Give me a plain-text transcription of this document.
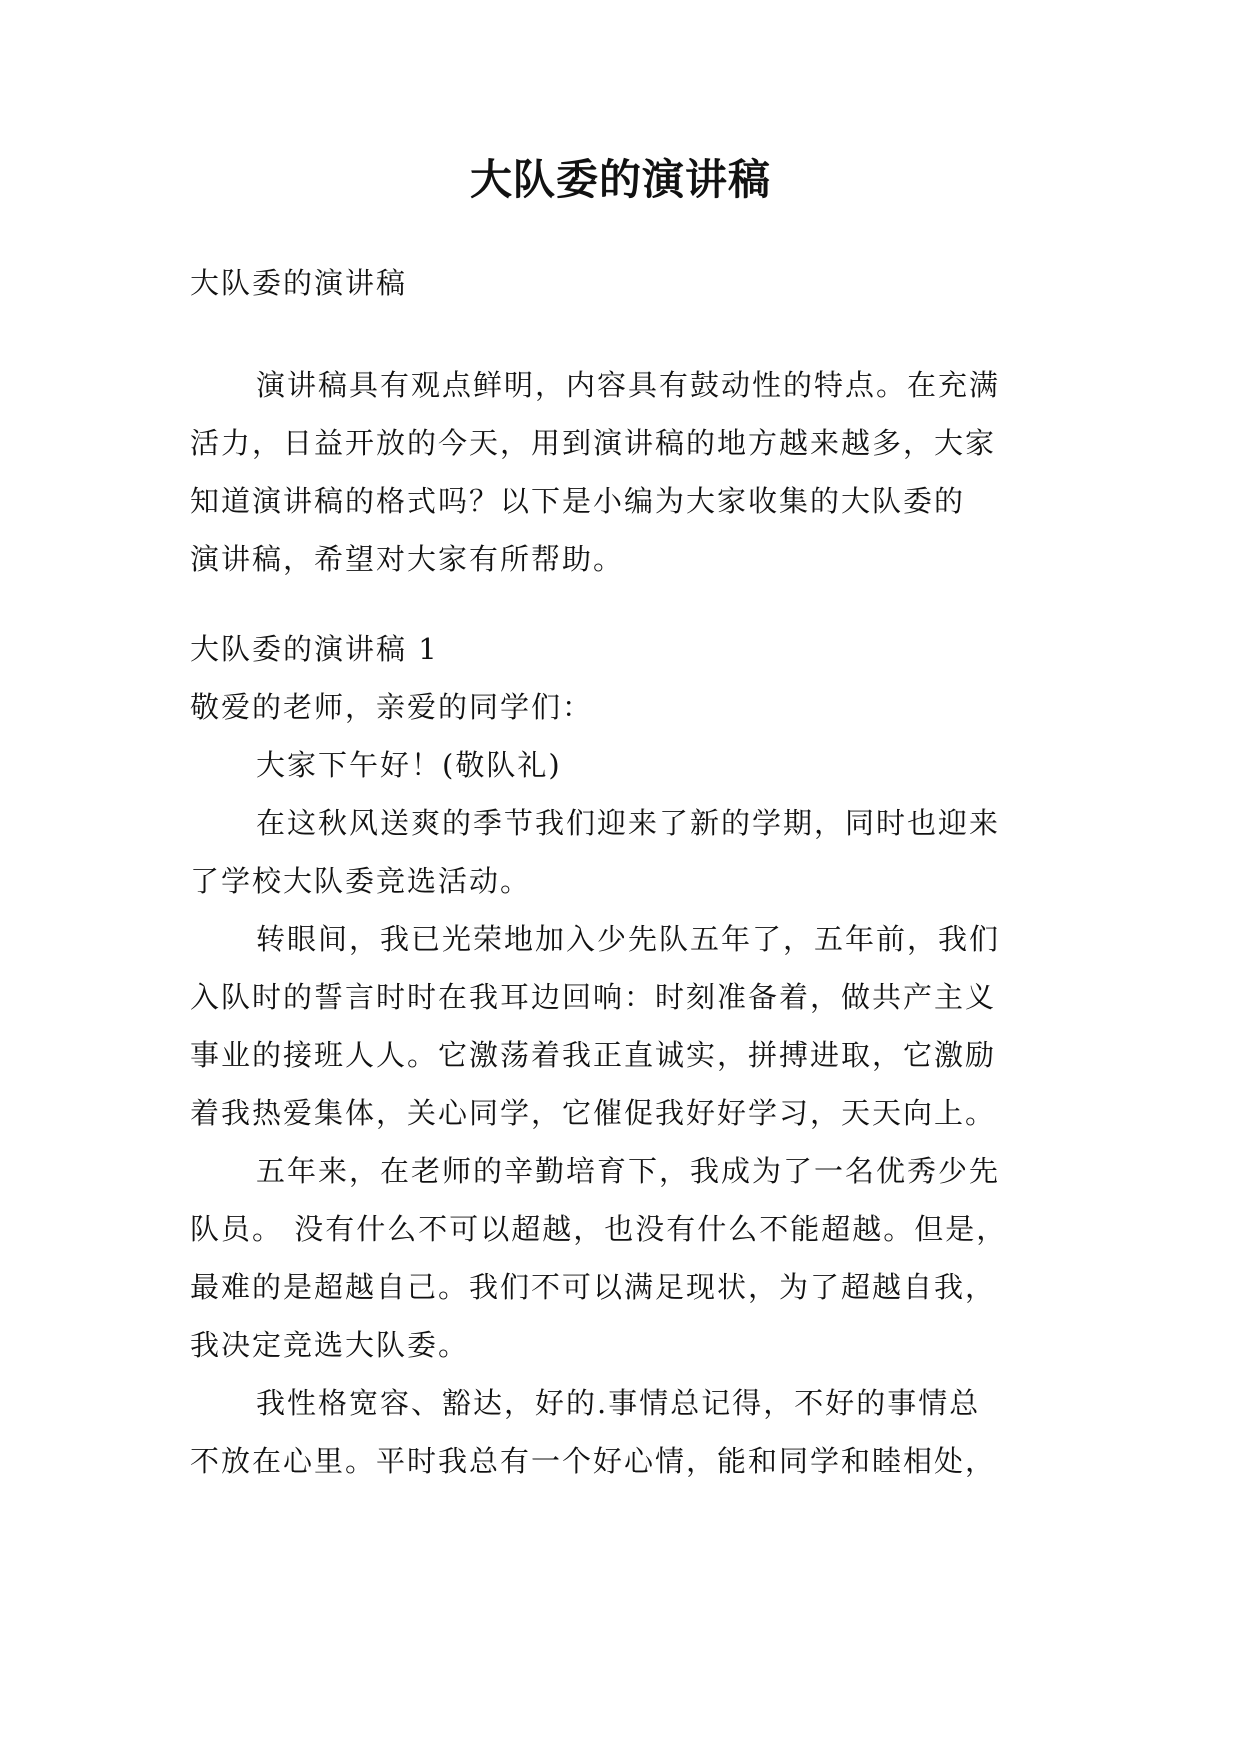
大队委的演讲稿
大队委的演讲稿
演讲稿具有观点鲜明，内容具有鼓动性的特点。在充满
活力，日益开放的今天，用到演讲稿的地方越来越多，大家
知道演讲稿的格式吗？以下是小编为大家收集的大队委的
演讲稿，希望对大家有所帮助。
大队委的演讲稿 1
敬爱的老师，亲爱的同学们：
大家下午好！(敬队礼)
在这秋风送爽的季节我们迎来了新的学期，同时也迎来
了学校大队委竞选活动。
转眼间，我已光荣地加入少先队五年了，五年前，我们
入队时的誓言时时在我耳边回响：时刻准备着，做共产主义
事业的接班人人。它激荡着我正直诚实，拼搏进取，它激励
着我热爱集体，关心同学，它催促我好好学习，天天向上。
五年来，在老师的辛勤培育下，我成为了一名优秀少先
队员。 没有什么不可以超越，也没有什么不能超越。但是，
最难的是超越自己。我们不可以满足现状，为了超越自我，
我决定竞选大队委。
我性格宽容、豁达，好的.事情总记得，不好的事情总
不放在心里。平时我总有一个好心情，能和同学和睦相处，
